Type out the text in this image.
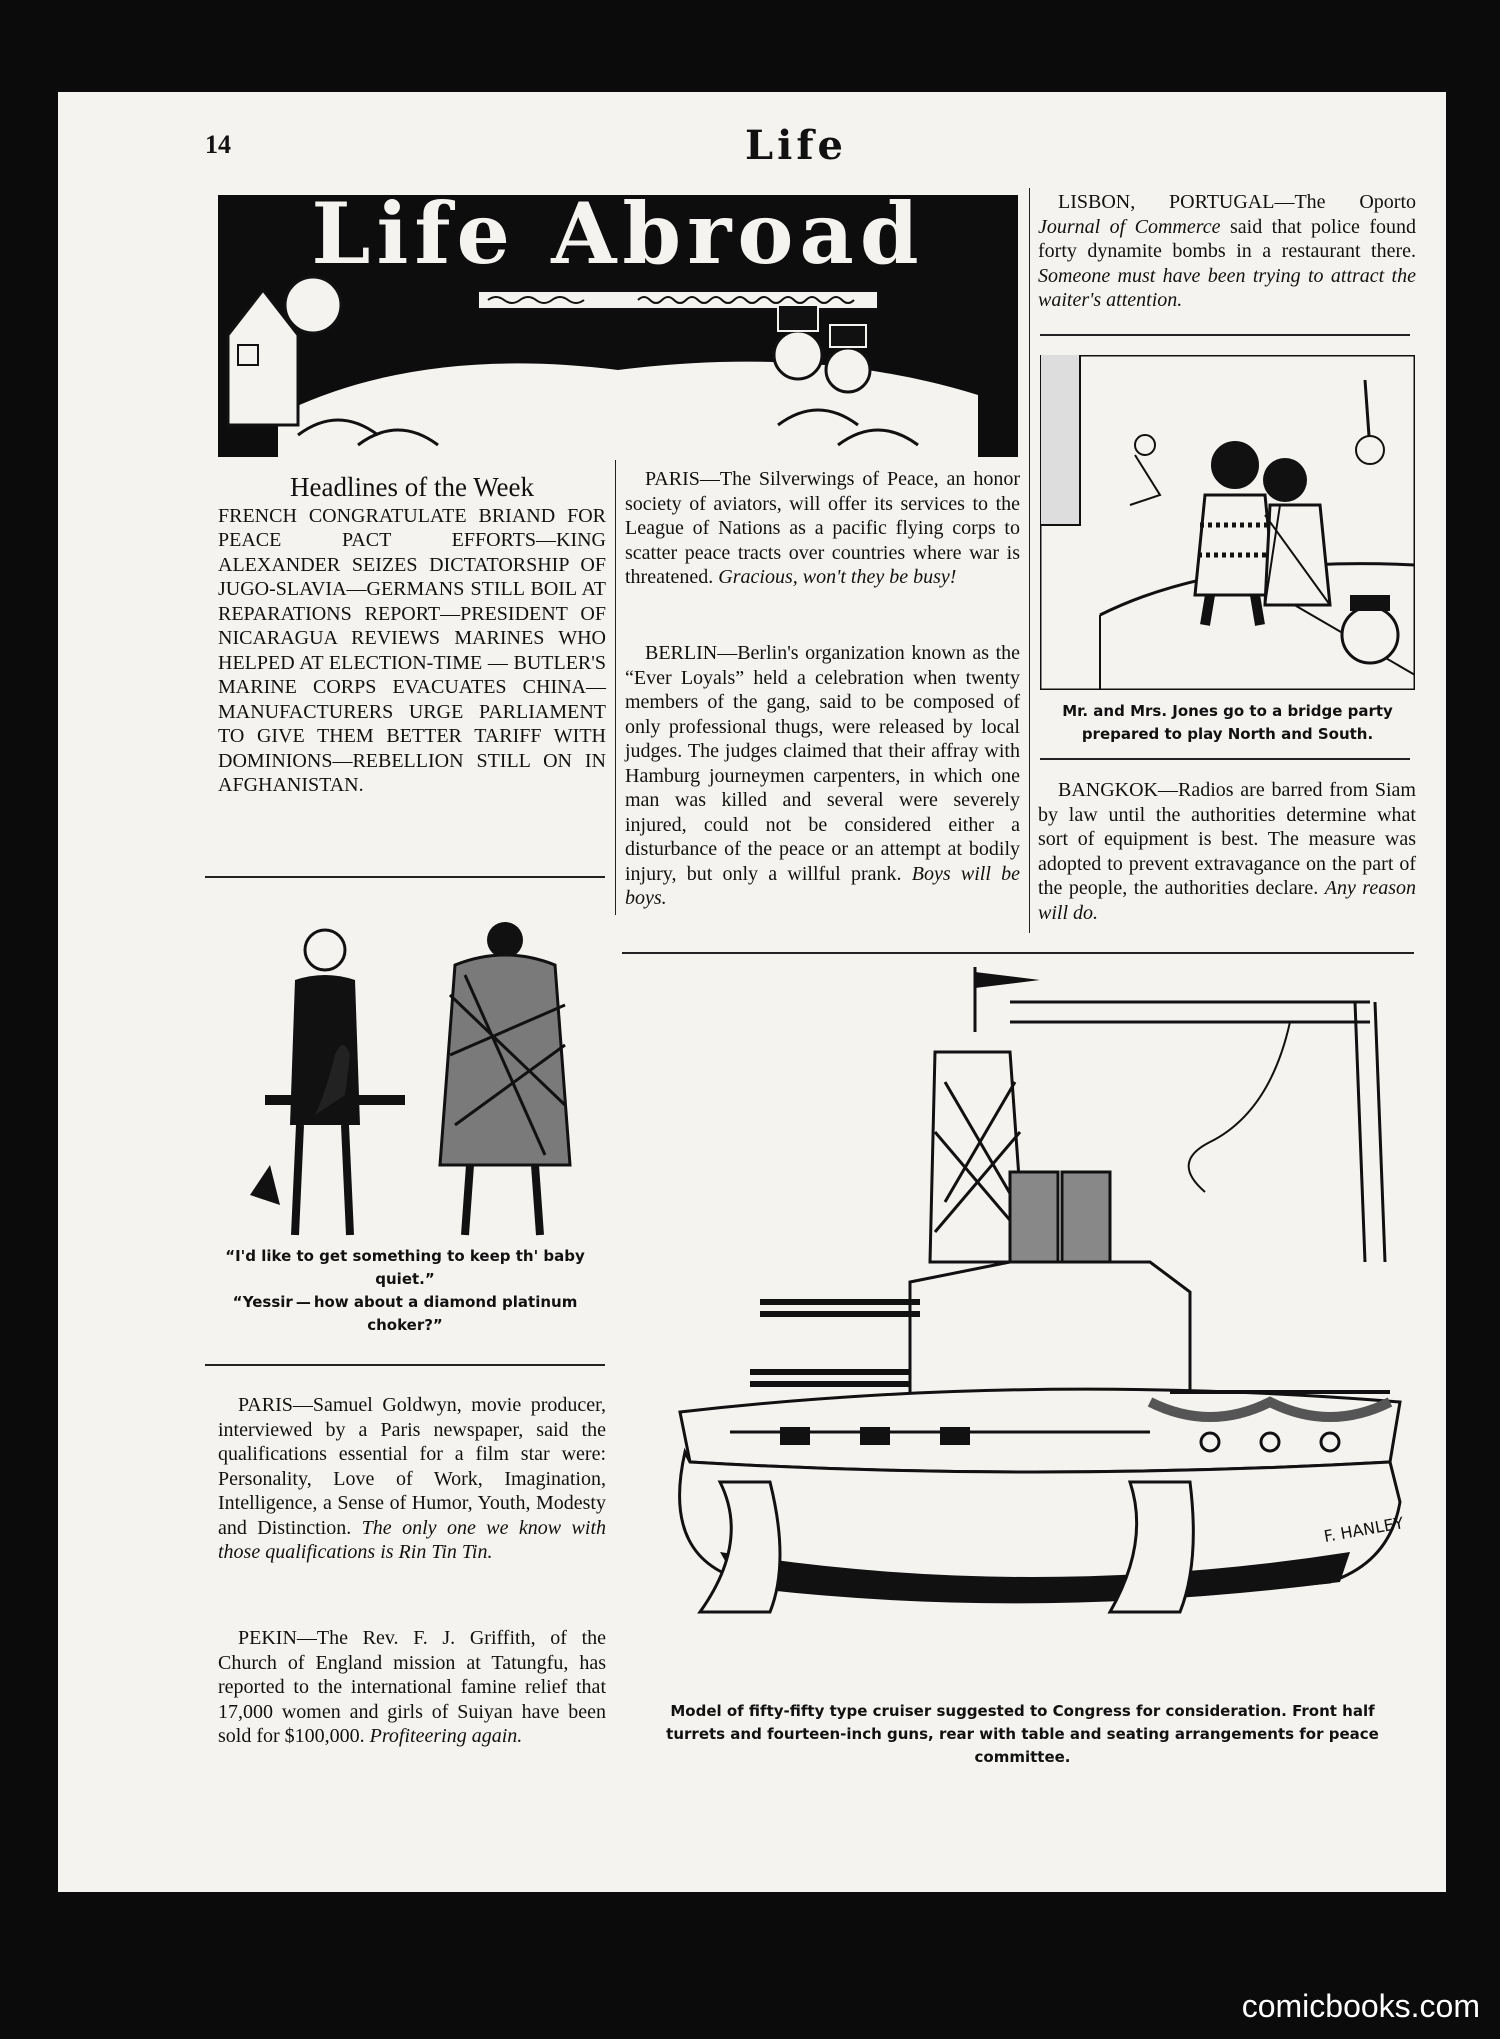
14	Life
Life Abroad
Headlines of the Week
FRENCH CONGRATULATE BRIAND FOR PEACE PACT EFFORTS—KING ALEXANDER SEIZES DICTATORSHIP OF JUGO-SLAVIA—GERMANS STILL BOIL AT REPARATIONS REPORT—PRESIDENT OF NICARAGUA REVIEWS MARINES WHO HELPED AT ELECTION-TIME — BUTLER'S MARINE CORPS EVACUATES CHINA—MANUFACTURERS URGE PARLIAMENT TO GIVE THEM BETTER TARIFF WITH DOMINIONS—REBELLION STILL ON IN AFGHANISTAN.
“I'd like to get something to keep th' baby quiet.”
“Yessir — how about a diamond platinum choker?”

PARIS—Samuel Goldwyn, movie producer, interviewed by a Paris newspaper, said the qualifications essential for a film star were: Personality, Love of Work, Imagination, Intelligence, a Sense of Humor, Youth, Modesty and Distinction. The only one we know with those qualifications is Rin Tin Tin.

PEKIN—The Rev. F. J. Griffith, of the Church of England mission at Tatungfu, has reported to the international famine relief that 17,000 women and girls of Suiyan have been sold for $100,000. Profiteering again.

PARIS—The Silverwings of Peace, an honor society of aviators, will offer its services to the League of Nations as a pacific flying corps to scatter peace tracts over countries where war is threatened. Gracious, won't they be busy!

BERLIN—Berlin's organization known as the “Ever Loyals” held a celebration when twenty members of the gang, said to be composed of only professional thugs, were released by local judges. The judges claimed that their affray with Hamburg journeymen carpenters, in which one man was killed and several were severely injured, could not be considered either a disturbance of the peace or an attempt at bodily injury, but only a willful prank. Boys will be boys.

LISBON, PORTUGAL—The Oporto Journal of Commerce said that police found forty dynamite bombs in a restaurant there. Someone must have been trying to attract the waiter's attention.

Mr. and Mrs. Jones go to a bridge party prepared to play North and South.

BANGKOK—Radios are barred from Siam by law until the authorities determine what sort of equipment is best. The measure was adopted to prevent extravagance on the part of the people, the authorities declare. Any reason will do.

F. HANLEY
Model of fifty-fifty type cruiser suggested to Congress for consideration. Front half turrets and fourteen-inch guns, rear with table and seating arrangements for peace committee.
comicbooks.com
